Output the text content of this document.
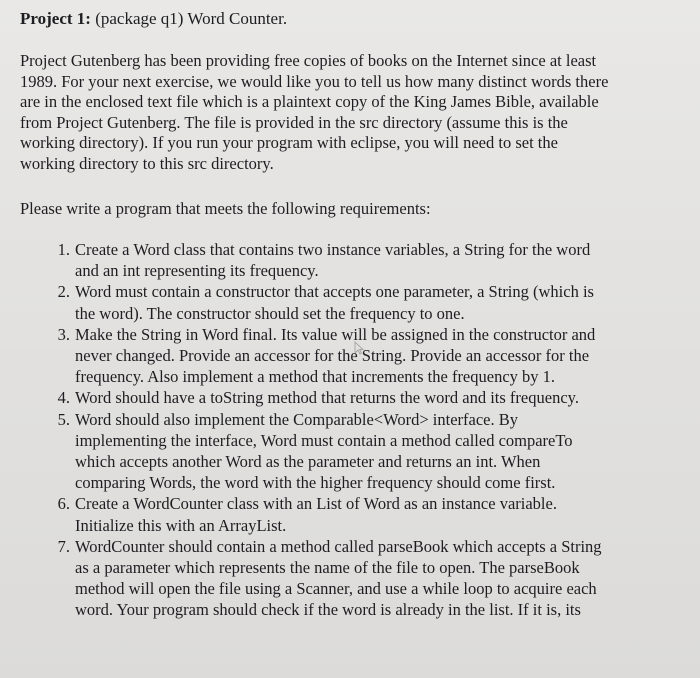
Project 1: (package q1) Word Counter.
Project Gutenberg has been providing free copies of books on the Internet since at least
1989. For your next exercise, we would like you to tell us how many distinct words there
are in the enclosed text file which is a plaintext copy of the King James Bible, available
from Project Gutenberg. The file is provided in the src directory (assume this is the
working directory). If you run your program with eclipse, you will need to set the
working directory to this src directory.
Please write a program that meets the following requirements:
1. Create a Word class that contains two instance variables, a String for the word
and an int representing its frequency.
2. Word must contain a constructor that accepts one parameter, a String (which is
the word). The constructor should set the frequency to one.
3. Make the String in Word final. Its value will be assigned in the constructor and
never changed. Provide an accessor for the String. Provide an accessor for the
frequency. Also implement a method that increments the frequency by 1.
4. Word should have a toString method that returns the word and its frequency.
5. Word should also implement the Comparable<Word> interface. By
implementing the interface, Word must contain a method called compareTo
which accepts another Word as the parameter and returns an int. When
comparing Words, the word with the higher frequency should come first.
6. Create a WordCounter class with an List of Word as an instance variable.
Initialize this with an ArrayList.
7. WordCounter should contain a method called parseBook which accepts a String
as a parameter which represents the name of the file to open. The parseBook
method will open the file using a Scanner, and use a while loop to acquire each
word. Your program should check if the word is already in the list. If it is, its
